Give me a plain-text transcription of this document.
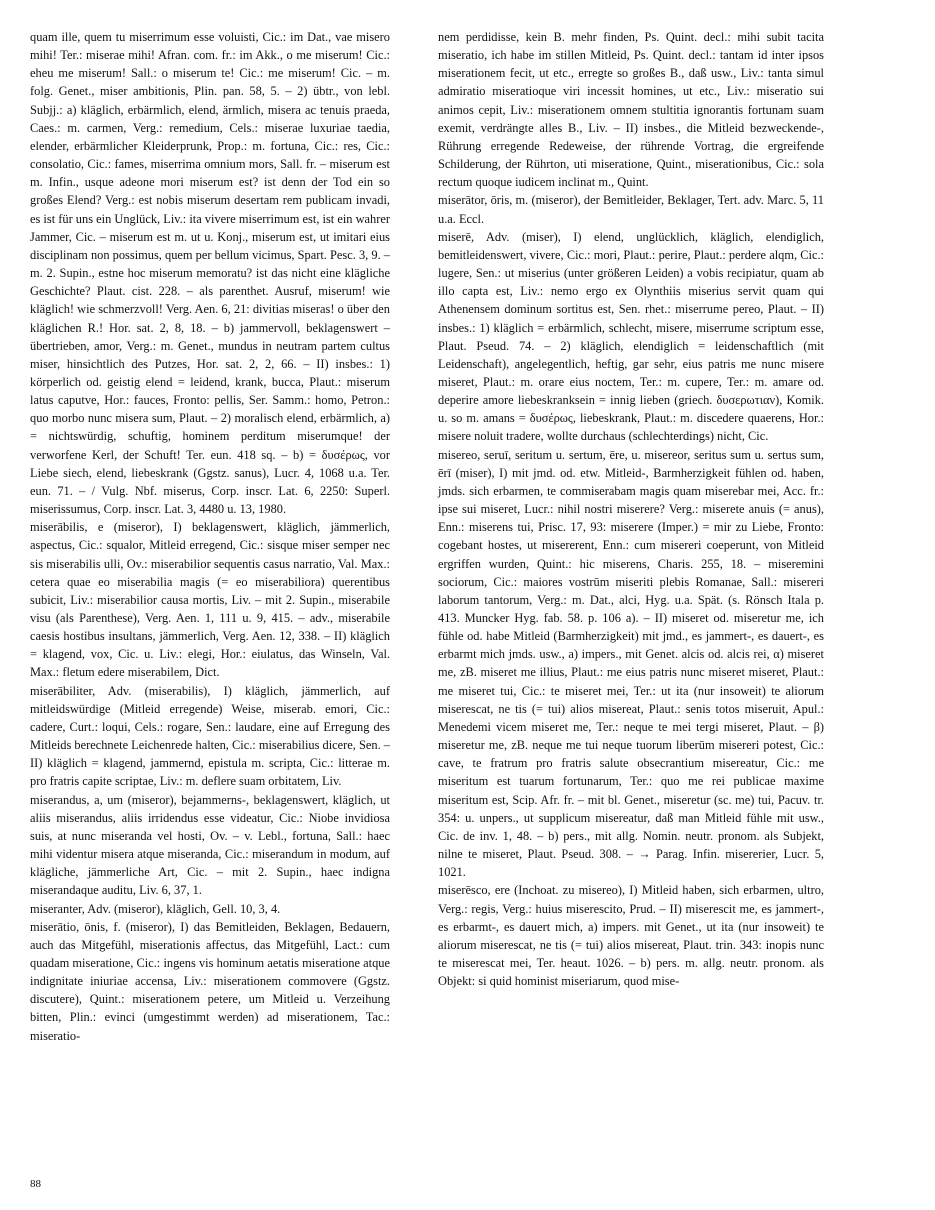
quam ille, quem tu miserrimum esse voluisti, Cic.: im Dat., vae misero mihi! Ter.: miserae mihi! Afran. com. fr.: im Akk., o me miserum! Cic.: eheu me miserum! Sall.: o miserum te! Cic.: me miserum! Cic. – m. folg. Genet., miser ambitionis, Plin. pan. 58, 5. – 2) übtr., von lebl. Subjj.: a) kläglich, erbärmlich, elend, ärmlich, misera ac tenuis praeda, Caes.: m. carmen, Verg.: remedium, Cels.: miserae luxuriae taedia, elender, erbärmlicher Kleiderprunk, Prop.: m. fortuna, Cic.: res, Cic.: consolatio, Cic.: fames, miserrima omnium mors, Sall. fr. – miserum est m. Infin., usque adeone mori miserum est? ist denn der Tod ein so großes Elend? Verg.: est nobis miserum desertam rem publicam invadi, es ist für uns ein Unglück, Liv.: ita vivere miserrimum est, ist ein wahrer Jammer, Cic. – miserum est m. ut u. Konj., miserum est, ut imitari eius disciplinam non possimus, quem per bellum vicimus, Spart. Pesc. 3, 9. – m. 2. Supin., estne hoc miserum memoratu? ist das nicht eine klägliche Geschichte? Plaut. cist. 228. – als parenthet. Ausruf, miserum! wie kläglich! wie schmerzvoll! Verg. Aen. 6, 21: divitias miseras! o über den kläglichen R.! Hor. sat. 2, 8, 18. – b) jammervoll, beklagenswert – übertrieben, amor, Verg.: m. Genet., mundus in neutram partem cultus miser, hinsichtlich des Putzes, Hor. sat. 2, 2, 66. – II) insbes.: 1) körperlich od. geistig elend = leidend, krank, bucca, Plaut.: miserum latus caputve, Hor.: fauces, Fronto: pellis, Ser. Samm.: homo, Petron.: quo morbo nunc misera sum, Plaut. – 2) moralisch elend, erbärmlich, a) = nichtswürdig, schuftig, hominem perditum miserumque! der verworfene Kerl, der Schuft! Ter. eun. 418 sq. – b) = δυσέρως, vor Liebe siech, elend, liebeskrank (Ggstz. sanus), Lucr. 4, 1068 u.a. Ter. eun. 71. – / Vulg. Nbf. miserus, Corp. inscr. Lat. 6, 2250: Superl. miserissumus, Corp. inscr. Lat. 3, 4480 u. 13, 1980.

miserābilis, e (miseror), I) beklagenswert, kläglich, jämmerlich, aspectus, Cic.: squalor, Mitleid erregend, Cic.: sisque miser semper nec sis miserabilis ulli, Ov.: miserabilior sequentis casus narratio, Val. Max.: cetera quae eo miserabilia magis (= eo miserabiliora) querentibus subicit, Liv.: miserabilior causa mortis, Liv. – mit 2. Supin., miserabile visu (als Parenthese), Verg. Aen. 1, 111 u. 9, 415. – adv., miserabile caesis hostibus insultans, jämmerlich, Verg. Aen. 12, 338. – II) kläglich = klagend, vox, Cic. u. Liv.: elegi, Hor.: eiulatus, das Winseln, Val. Max.: fletum edere miserabilem, Dict.

miserābiliter, Adv. (miserabilis), I) kläglich, jämmerlich, auf mitleidswürdige (Mitleid erregende) Weise, miserab. emori, Cic.: cadere, Curt.: loqui, Cels.: rogare, Sen.: laudare, eine auf Erregung des Mitleids berechnete Leichenrede halten, Cic.: miserabilius dicere, Sen. – II) kläglich = klagend, jammernd, epistula m. scripta, Cic.: litterae m. pro fratris capite scriptae, Liv.: m. deflere suam orbitatem, Liv.

miserandus, a, um (miseror), bejammerns-, beklagenswert, kläglich, ut aliis miserandus, aliis irridendus esse videatur, Cic.: Niobe invidiosa suis, at nunc miseranda vel hosti, Ov. – v. Lebl., fortuna, Sall.: haec mihi videntur misera atque miseranda, Cic.: miserandum in modum, auf klägliche, jämmerliche Art, Cic. – mit 2. Supin., haec indigna miserandaque auditu, Liv. 6, 37, 1.

miseranter, Adv. (miseror), kläglich, Gell. 10, 3, 4.

miserātio, ōnis, f. (miseror), I) das Bemitleiden, Beklagen, Bedauern, auch das Mitgefühl, miserationis affectus, das Mitgefühl, Lact.: cum quadam miseratione, Cic.: ingens vis hominum aetatis miseratione atque indignitate iniuriae accensa, Liv.: miserationem commovere (Ggstz. discutere), Quint.: miserationem petere, um Mitleid u. Verzeihung bitten, Plin.: evinci (umgestimmt werden) ad miserationem, Tac.: miseratio-

nem perdidisse, kein B. mehr finden, Ps. Quint. decl.: mihi subit tacita miseratio, ich habe im stillen Mitleid, Ps. Quint. decl.: tantam id inter ipsos miserationem fecit, ut etc., erregte so großes B., daß usw., Liv.: tanta simul admiratio miseratioque viri incessit homines, ut etc., Liv.: miseratio sui animos cepit, Liv.: miserationem omnem stultitia ignorantis fortunam suam exemit, verdrängte alles B., Liv. – II) insbes., die Mitleid bezweckende-, Rührung erregende Redeweise, der rührende Vortrag, die ergreifende Schilderung, der Rührton, uti miseratione, Quint., miserationibus, Cic.: sola rectum quoque iudicem inclinat m., Quint.

miserātor, ōris, m. (miseror), der Bemitleider, Beklager, Tert. adv. Marc. 5, 11 u.a. Eccl.

miserē, Adv. (miser), I) elend, unglücklich, kläglich, elendiglich, bemitleidenswert, vivere, Cic.: mori, Plaut.: perire, Plaut.: perdere alqm, Cic.: lugere, Sen.: ut miserius (unter größeren Leiden) a vobis recipiatur, quam ab illo capta est, Liv.: nemo ergo ex Olynthiis miserius servit quam qui Athenensem dominum sortitus est, Sen. rhet.: miserrume pereo, Plaut. – II) insbes.: 1) kläglich = erbärmlich, schlecht, misere, miserrume scriptum esse, Plaut. Pseud. 74. – 2) kläglich, elendiglich = leidenschaftlich (mit Leidenschaft), angelegentlich, heftig, gar sehr, eius patris me nunc misere miseret, Plaut.: m. orare eius noctem, Ter.: m. cupere, Ter.: m. amare od. deperire amore liebeskranksein = innig lieben (griech. δυσερωτιαν), Komik. u. so m. amans = δυσέρως, liebeskrank, Plaut.: m. discedere quaerens, Hor.: misere noluit tradere, wollte durchaus (schlechterdings) nicht, Cic.

misereo, seruī, seritum u. sertum, ēre, u. misereor, seritus sum u. sertus sum, ērī (miser), I) mit jmd. od. etw. Mitleid-, Barmherzigkeit fühlen od. haben, jmds. sich erbarmen, te commiserabam magis quam miserebar mei, Acc. fr.: ipse sui miseret, Lucr.: nihil nostri miserere? Verg.: miserete anuis (= anus), Enn.: miserens tui, Prisc. 17, 93: miserere (Imper.) = mir zu Liebe, Fronto: cogebant hostes, ut misererent, Enn.: cum misereri coeperunt, von Mitleid ergriffen wurden, Quint.: hic miserens, Charis. 255, 18. – miseremini sociorum, Cic.: maiores vostrūm miseriti plebis Romanae, Sall.: misereri laborum tantorum, Verg.: m. Dat., alci, Hyg. u.a. Spät. (s. Rönsch Itala p. 413. Muncker Hyg. fab. 58. p. 106 a). – II) miseret od. miseretur me, ich fühle od. habe Mitleid (Barmherzigkeit) mit jmd., es jammert-, es dauert-, es erbarmt mich jmds. usw., a) impers., mit Genet. alcis od. alcis rei, α) miseret me, zB. miseret me illius, Plaut.: me eius patris nunc miseret miseret, Plaut.: me miseret tui, Cic.: te miseret mei, Ter.: ut ita (nur insoweit) te aliorum miserescat, ne tis (= tui) alios misereat, Plaut.: senis totos miseruit, Apul.: Menedemi vicem miseret me, Ter.: neque te mei tergi miseret, Plaut. – β) miseretur me, zB. neque me tui neque tuorum liberūm misereri potest, Cic.: cave, te fratrum pro fratris salute obsecrantium misereatur, Cic.: me miseritum est tuarum fortunarum, Ter.: quo me rei publicae maxime miseritum est, Scip. Afr. fr. – mit bl. Genet., miseretur (sc. me) tui, Pacuv. tr. 354: u. unpers., ut supplicum misereatur, daß man Mitleid fühle mit usw., Cic. de inv. 1, 48. – b) pers., mit allg. Nomin. neutr. pronom. als Subjekt, nilne te miseret, Plaut. Pseud. 308. – → Parag. Infin. misererier, Lucr. 5, 1021.

miserēsco, ere (Inchoat. zu misereo), I) Mitleid haben, sich erbarmen, ultro, Verg.: regis, Verg.: huius miserescito, Prud. – II) miserescit me, es jammert-, es erbarmt-, es dauert mich, a) impers. mit Genet., ut ita (nur insoweit) te aliorum miserescat, ne tis (= tui) alios misereat, Plaut. trin. 343: inopis nunc te miserescat mei, Ter. heaut. 1026. – b) pers. m. allg. neutr. pronom. als Objekt: si quid hominist miseriarum, quod mise-

88
